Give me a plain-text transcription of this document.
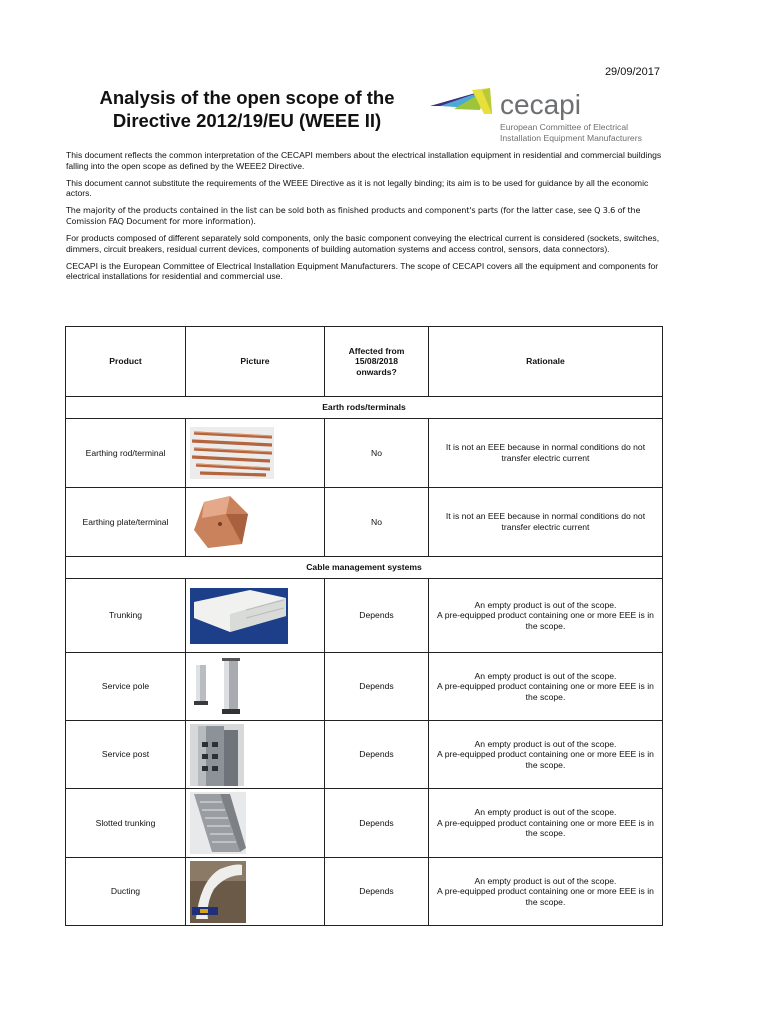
29/09/2017
Analysis of the open scope of the
Directive 2012/19/EU (WEEE II)
cecapi
European Committee of Electrical
Installation Equipment Manufacturers

This document reflects the common interpretation of the CECAPI members about the electrical installation equipment in residential and commercial buildings falling into the open scope as defined by the WEEE2 Directive.

This document cannot substitute the requirements of the WEEE Directive as it is not legally binding; its aim is to be used for guidance by all the economic actors.

The majority of the products contained in the list can be sold both as finished products and component's parts (for the latter case, see Q 3.6 of the Comission FAQ Document for more information).

For products composed of different separately sold components, only the basic component conveying the electrical current is considered (sockets, switches, dimmers, circuit breakers, residual current devices, components of building automation systems and access control, sensors, data connectors).

CECAPI is the European Committee of Electrical Installation Equipment Manufacturers. The scope of CECAPI covers all the equipment and components for electrical installations for residential and commercial use.

Product	Picture	Affected from 15/08/2018 onwards?	Rationale
Earth rods/terminals			
Earthing rod/terminal		No	It is not an EEE because in normal conditions do not transfer electric current
Earthing plate/terminal		No	It is not an EEE because in normal conditions do not transfer electric current
Cable management systems			
Trunking		Depends	An empty product is out of the scope.
A pre-equipped product containing one or more EEE is in the scope.

Service pole		Depends	An empty product is out of the scope.
A pre-equipped product containing one or more EEE is in the scope.

Service post		Depends	An empty product is out of the scope.
A pre-equipped product containing one or more EEE is in the scope.

Slotted trunking		Depends	An empty product is out of the scope.
A pre-equipped product containing one or more EEE is in the scope.

Ducting		Depends	An empty product is out of the scope.
A pre-equipped product containing one or more EEE is in the scope.
